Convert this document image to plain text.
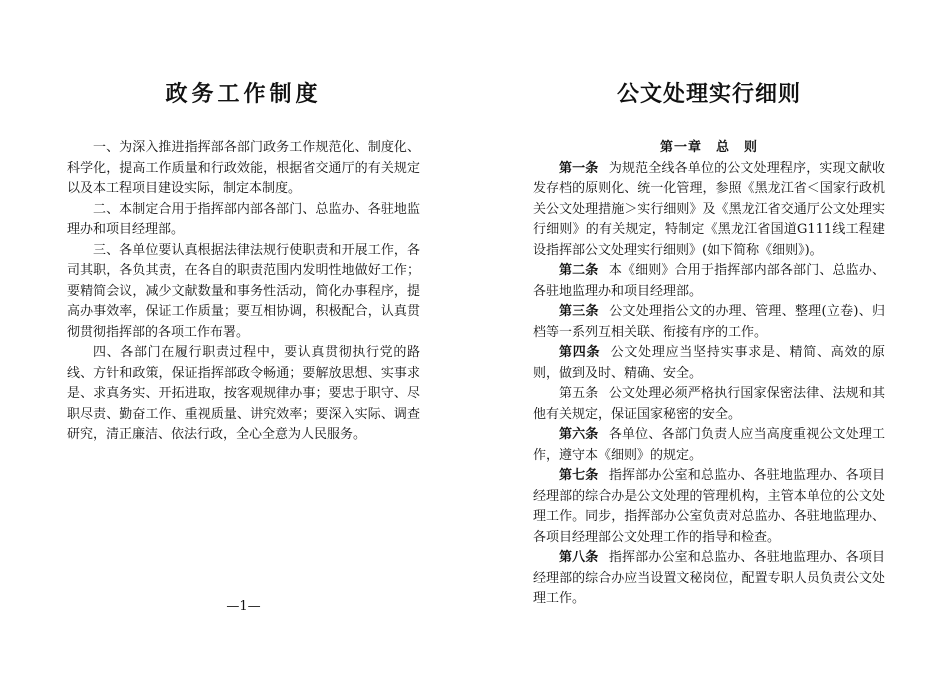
政务工作制度

一、为深入推进指挥部各部门政务工作规范化、制度化、科学化，提高工作质量和行政效能，根据省交通厅的有关规定以及本工程项目建设实际，制定本制度。

二、本制定合用于指挥部内部各部门、总监办、各驻地监理办和项目经理部。

三、各单位要认真根据法律法规行使职责和开展工作，各司其职，各负其责，在各自的职责范围内发明性地做好工作；要精简会议，减少文献数量和事务性活动，简化办事程序，提高办事效率，保证工作质量；要互相协调，积极配合，认真贯彻贯彻指挥部的各项工作布署。

四、各部门在履行职责过程中，要认真贯彻执行党的路线、方针和政策，保证指挥部政令畅通；要解放思想、实事求是、求真务实、开拓进取，按客观规律办事；要忠于职守、尽职尽责、勤奋工作、重视质量、讲究效率；要深入实际、调查研究，清正廉洁、依法行政，全心全意为人民服务。

—1—
公文处理实行细则

第一章　总　则

第一条 为规范全线各单位的公文处理程序，实现文献收发存档的原则化、统一化管理，参照《黑龙江省＜国家行政机关公文处理措施＞实行细则》及《黑龙江省交通厅公文处理实行细则》的有关规定，特制定《黑龙江省国道G111线工程建设指挥部公文处理实行细则》(如下简称《细则》)。

第二条 本《细则》合用于指挥部内部各部门、总监办、各驻地监理办和项目经理部。

第三条 公文处理指公文的办理、管理、整理(立卷)、归档等一系列互相关联、衔接有序的工作。

第四条 公文处理应当坚持实事求是、精简、高效的原则，做到及时、精确、安全。

第五条 公文处理必须严格执行国家保密法律、法规和其他有关规定，保证国家秘密的安全。

第六条 各单位、各部门负责人应当高度重视公文处理工作，遵守本《细则》的规定。

第七条 指挥部办公室和总监办、各驻地监理办、各项目经理部的综合办是公文处理的管理机构，主管本单位的公文处理工作。同步，指挥部办公室负责对总监办、各驻地监理办、各项目经理部公文处理工作的指导和检查。

第八条 指挥部办公室和总监办、各驻地监理办、各项目经理部的综合办应当设置文秘岗位，配置专职人员负责公文处理工作。
